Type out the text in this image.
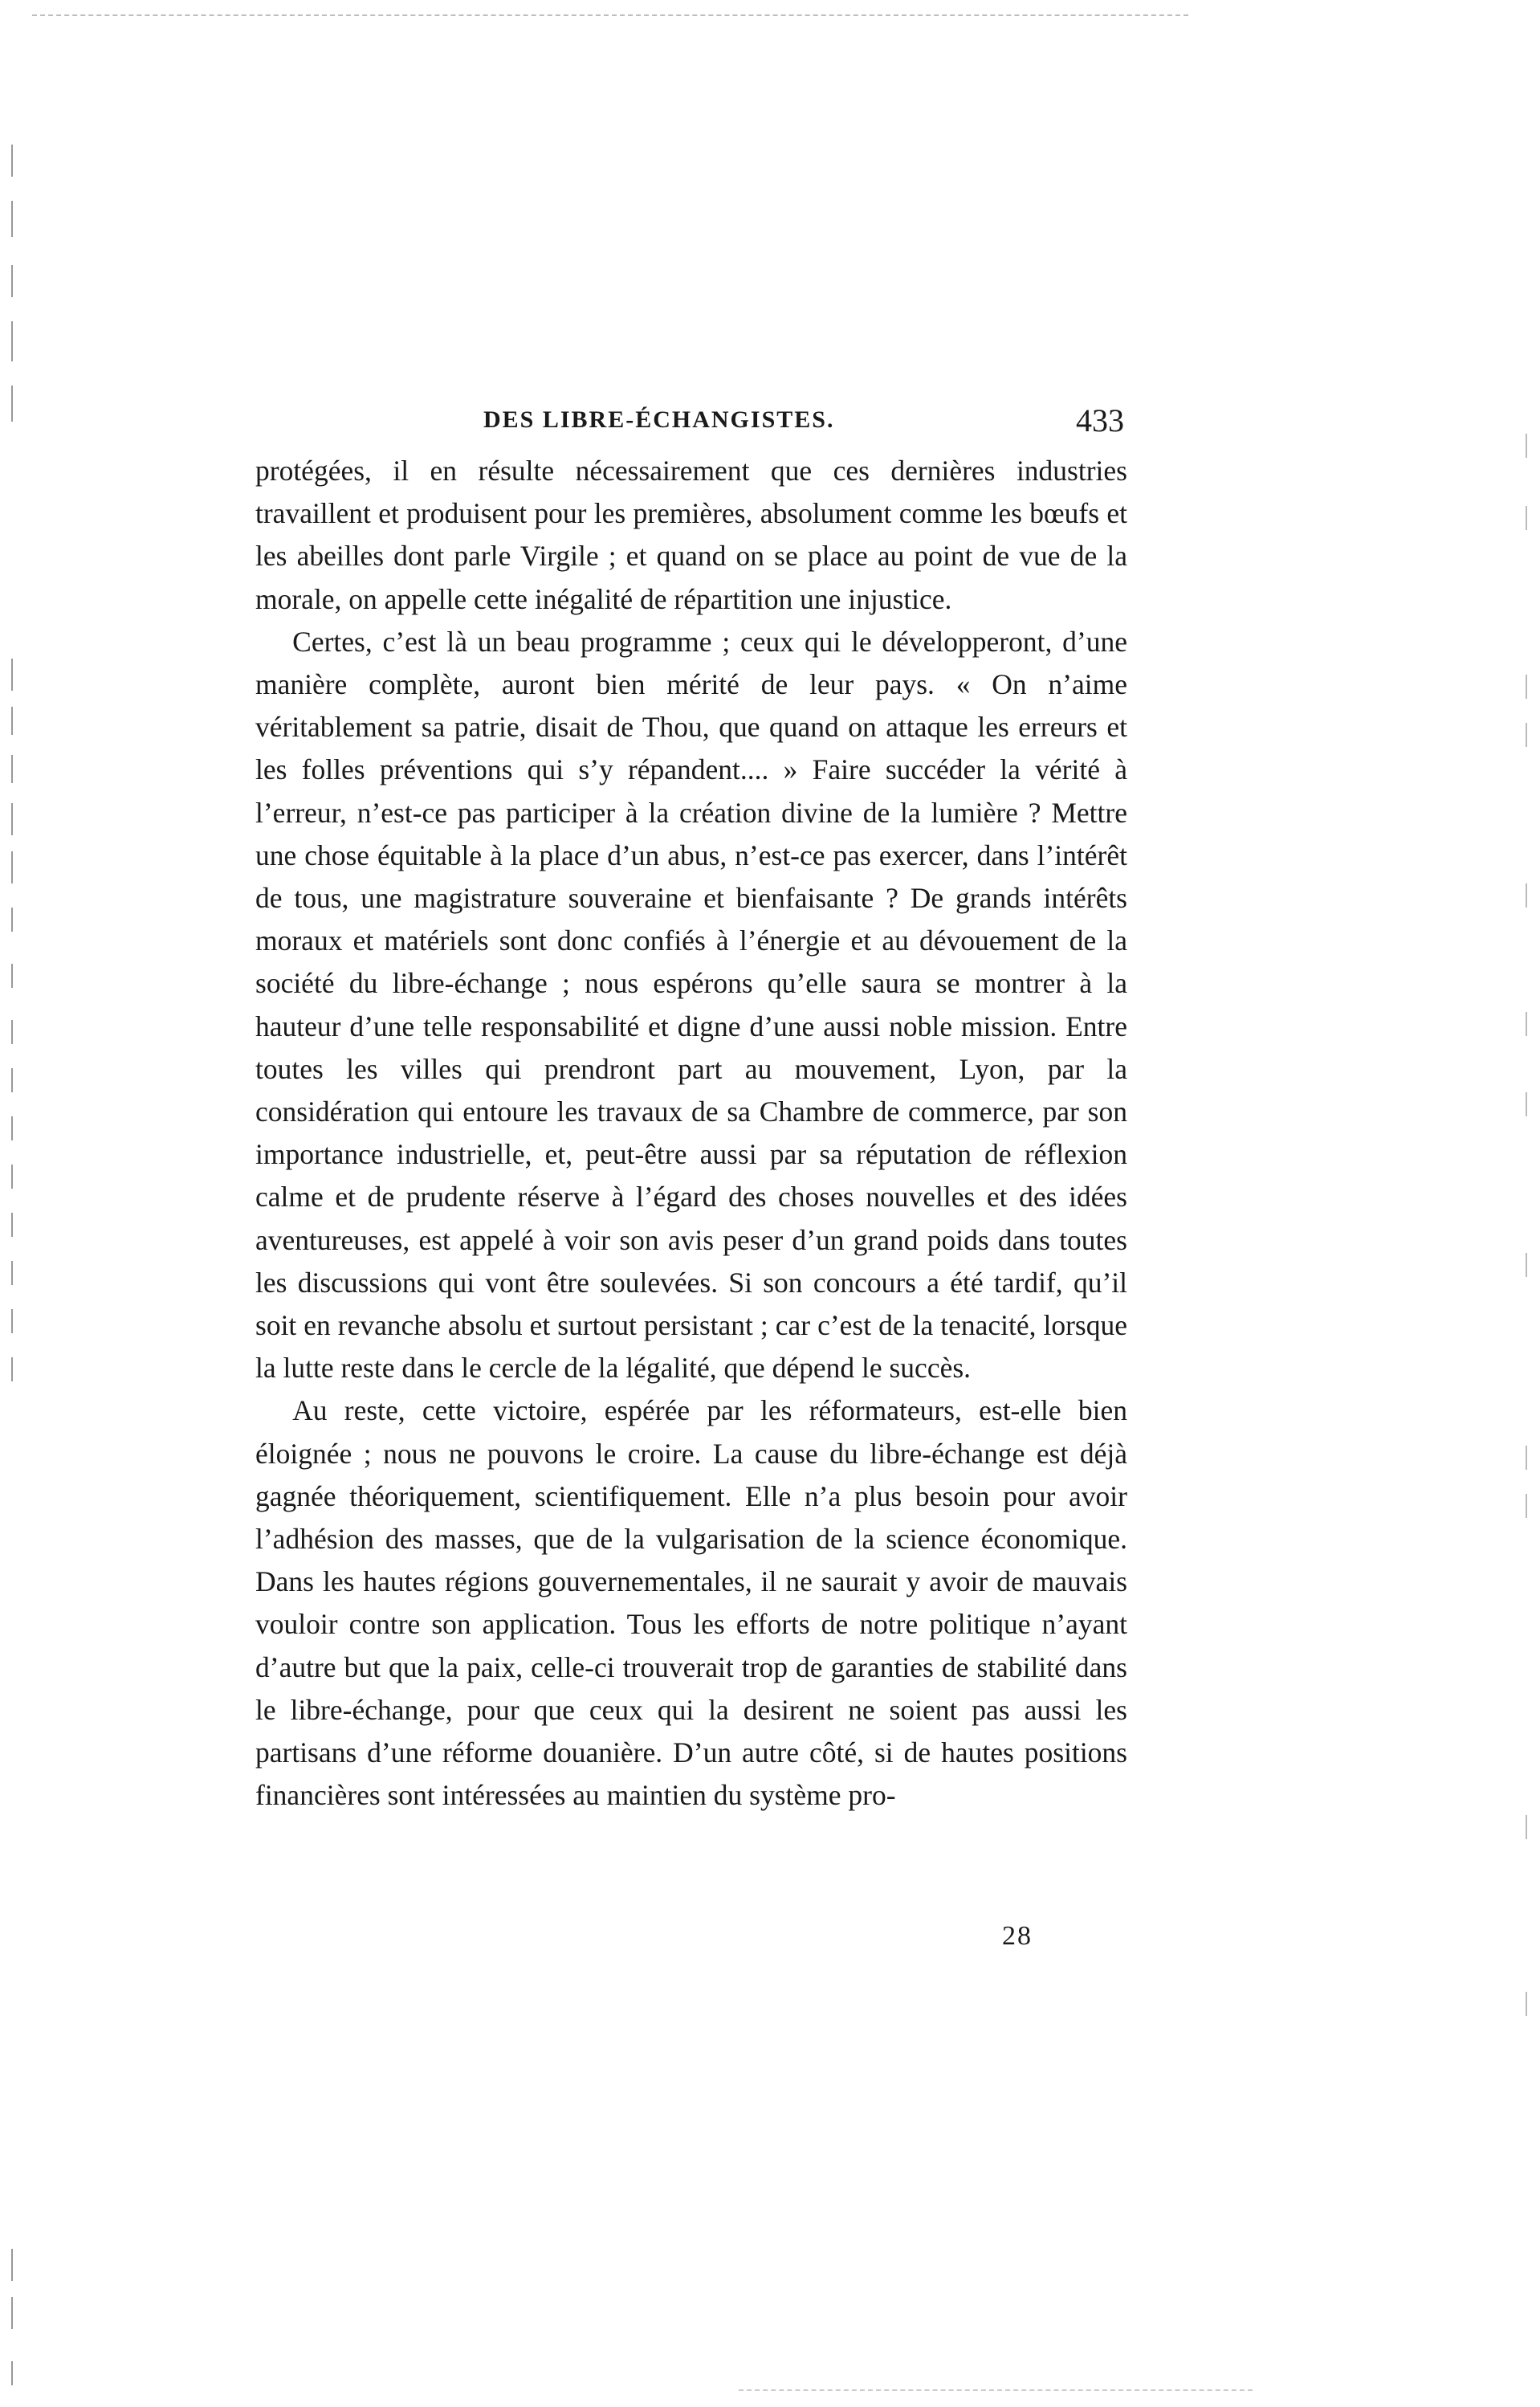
DES LIBRE-ÉCHANGISTES.	433

protégées, il en résulte nécessairement que ces dernières industries travaillent et produisent pour les premières, absolument comme les bœufs et les abeilles dont parle Virgile ; et quand on se place au point de vue de la morale, on appelle cette inégalité de répartition une injustice.

Certes, c’est là un beau programme ; ceux qui le développeront, d’une manière complète, auront bien mérité de leur pays. « On n’aime véritablement sa patrie, disait de Thou, que quand on attaque les erreurs et les folles préventions qui s’y répandent.... » Faire succéder la vérité à l’erreur, n’est-ce pas participer à la création divine de la lumière ? Mettre une chose équitable à la place d’un abus, n’est-ce pas exercer, dans l’intérêt de tous, une magistrature souveraine et bienfaisante ? De grands intérêts moraux et matériels sont donc confiés à l’énergie et au dévouement de la société du libre-échange ; nous espérons qu’elle saura se montrer à la hauteur d’une telle responsabilité et digne d’une aussi noble mission. Entre toutes les villes qui prendront part au mouvement, Lyon, par la considération qui entoure les travaux de sa Chambre de commerce, par son importance industrielle, et, peut-être aussi par sa réputation de réflexion calme et de prudente réserve à l’égard des choses nouvelles et des idées aventureuses, est appelé à voir son avis peser d’un grand poids dans toutes les discussions qui vont être soulevées. Si son concours a été tardif, qu’il soit en revanche absolu et surtout persistant ; car c’est de la tenacité, lorsque la lutte reste dans le cercle de la légalité, que dépend le succès.

Au reste, cette victoire, espérée par les réformateurs, est-elle bien éloignée ; nous ne pouvons le croire. La cause du libre-échange est déjà gagnée théoriquement, scientifiquement. Elle n’a plus besoin pour avoir l’adhésion des masses, que de la vulgarisation de la science économique. Dans les hautes régions gouvernementales, il ne saurait y avoir de mauvais vouloir contre son application. Tous les efforts de notre politique n’ayant d’autre but que la paix, celle-ci trouverait trop de garanties de stabilité dans le libre-échange, pour que ceux qui la desirent ne soient pas aussi les partisans d’une réforme douanière. D’un autre côté, si de hautes positions financières sont intéressées au maintien du système pro-

28
